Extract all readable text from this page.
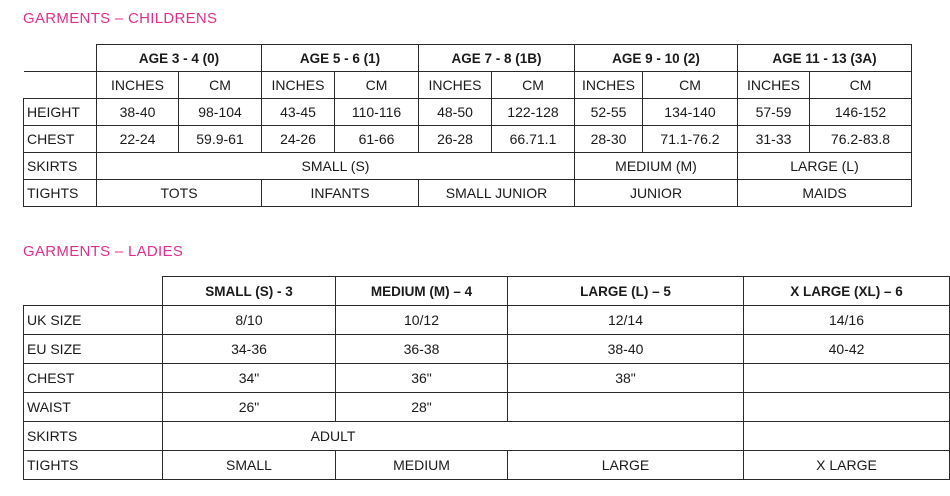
GARMENTS – CHILDRENS
	AGE 3 - 4 (0)		AGE 5 - 6 (1)		AGE 7 - 8 (1B)		AGE 9 - 10 (2)		AGE 11 - 13 (3A)	
	INCHES	CM	INCHES	CM	INCHES	CM	INCHES	CM	INCHES	CM
HEIGHT	38-40	98-104	43-45	110-116	48-50	122-128	52-55	134-140	57-59	146-152
CHEST	22-24	59.9-61	24-26	61-66	26-28	66.71.1	28-30	71.1-76.2	31-33	76.2-83.8
SKIRTS	SMALL (S)						MEDIUM (M)		LARGE (L)	
TIGHTS	TOTS		INFANTS		SMALL JUNIOR		JUNIOR		MAIDS	
GARMENTS – LADIES
	SMALL (S) - 3	MEDIUM (M) – 4	LARGE (L) – 5	X LARGE (XL) – 6
UK SIZE	8/10	10/12	12/14	14/16
EU SIZE	34-36	36-38	38-40	40-42
CHEST	34"	36"	38"	
WAIST	26"	28"		
SKIRTS	ADULT			
TIGHTS	SMALL	MEDIUM	LARGE	X LARGE
